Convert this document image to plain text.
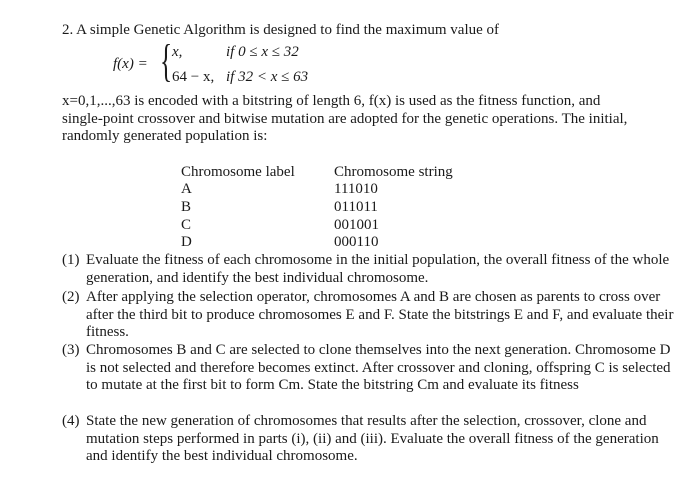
2. A simple Genetic Algorithm is designed to find the maximum value of
f(x) = { x,	if 0 ≤ x ≤ 32
64 − x, if 32 < x ≤ 63
x=0,1,...,63 is encoded with a bitstring of length 6, f(x) is used as the fitness function, and
single-point crossover and bitwise mutation are adopted for the genetic operations. The initial,
randomly generated population is:
Chromosome label	Chromosome string
A	111010
B	011011
C	001001
D	000110
(1) Evaluate the fitness of each chromosome in the initial population, the overall fitness of the whole generation, and identify the best individual chromosome.
(2) After applying the selection operator, chromosomes A and B are chosen as parents to cross over after the third bit to produce chromosomes E and F. State the bitstrings E and F, and evaluate their fitness.
(3) Chromosomes B and C are selected to clone themselves into the next generation. Chromosome D is not selected and therefore becomes extinct. After crossover and cloning, offspring C is selected to mutate at the first bit to form Cm. State the bitstring Cm and evaluate its fitness
(4) State the new generation of chromosomes that results after the selection, crossover, clone and mutation steps performed in parts (i), (ii) and (iii). Evaluate the overall fitness of the generation and identify the best individual chromosome.
